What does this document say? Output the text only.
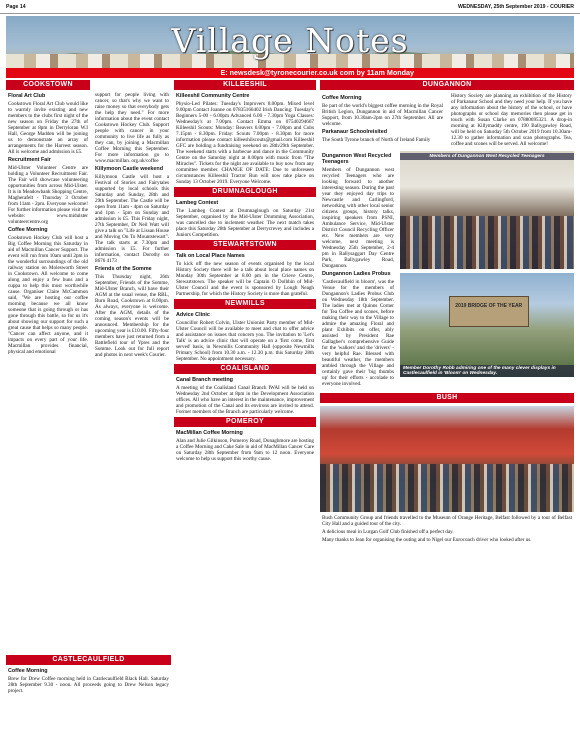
Page 14	WEDNESDAY, 25th September 2019 - COURIER
Village Notes
E: newsdesk@tyronecourier.co.uk com by 11am Monday
COOKSTOWN
Floral Art Club
Cookstown Floral Art Club would like to warmly invite existing and new members to the clubs first night of the new season on Friday the 27th of September at 8pm in Derryloran W.I Hall, George Madden will be joining us to demonstrate an array of arrangements for the Harvest season. All is welcome and admission is £5.
Recruitment Fair
Mid-Ulster Volunteer Centre are holding a Volunteer Recruitment Fair. The Fair will showcase volunteering opportunities from across Mid-Ulster. It is in Meadowbank Shopping Centre, Magherafelt - Thursday 3 October from 11am - 2pm. Everyone welcome! For further information please visit the website: www.midulster volunteercentre.org
Coffee Morning
Cookstown Hockey Club will host a Big Coffee Morning this Saturday in aid of Macmillan Cancer Support. The event will run from 10am until 2pm in the wonderful surroundings of the old railway station on Molesworth Street in Cookstown. All welcome to come along and enjoy a few buns and a cuppa to help this most worthwhile cause. Organiser Claire McCammon said, "We are hosting our coffee morning because we all know someone that is going through or has gone through this battle, so for us it's about showing our support for such a great cause that helps so many people. "Cancer can affect anyone, and it impacts on every part of your life. Macmillan provides financial, physical and emotional
support for people living with cancer, so that's why we want to raise money so that everybody gets the help they need." For more information about the event contact Cookstown Hockey Club. Support people with cancer in your community to live life as fully as they can, by joining a Macmillan Coffee Morning this September. For more information go to www.macmillan. org.uk/coffee
Killymoon Castle weekend
Killymoon Castle will host a Festival of Stories and Fairytales supported by local schools this Saturday and Sunday, 28th and 29th September. The Castle will be open from 11am - 4pm on Saturday and 1pm - 5pm on Sunday and admission is £5. This Friday night, 27th September, Dr Neil Watt will give a talk on "Life at Lissan House and Moving On To Mountstewart". The talk starts at 7.30pm and admission is £5. For further information, contact Dorothy on 8676 4173
Friends of the Somme
This Thursday night, 26th September, Friends of the Somme, Mid-Ulster Branch, will have their AGM at the usual venue, the RBL, Burn Road, Cookstown at 8.00pm. As always, everyone is welcome. After the AGM, details of the coming season's events will be announced. Membership for the upcoming year is £10.00. Fifty-four members have just returned from a Battlefield tour of Ypres and the Somme. Look out for full report and photos in next week's Courier.
CASTLECAULFIELD
Coffee Morning
Brew for Drew Coffee morning held in Castlecaulfield Black Hall. Saturday 28th September 9.30 - noon. All proceeds going to Drew Nelson legacy project.
KILLEESHIL
Killeeshil Community Centre
Physio-Led Pilates: Tuesday's Improvers 8.00pm. Mixed level 9.00pm Contact Joanne on 07835166402 Irish Dancing: Tuesday's Beginners 5-00 - 6.00pm Advanced 6.00 - 7.30pm Yoga Classes: Wednesday's at 7.00pm. Contact Emma on 07540294667 Killeeshil Scouts: Monday: Beavers 6.00pm - 7.00pm and Cubs 7.15pm - 8.30pm. Friday: Scouts 7.00pm - 8.30pm for more information please contact killeeshilscouts@gmail.com Killeeshil GFC are holding a fundraising weekend on 28th/29th September. The weekend starts with a barbecue and dance in the Community Centre on the Saturday night at 8.00pm with music from "The Miracles". Tickets for the night are available to buy now from any committee member. CHANGE OF DATE: Due to unforeseen circumstances Killeeshil Tractor Run will now take place on Sunday 13 October 2019. Everyone Welcome.
DRUMNAGLOUGH
Lambeg Contest
The Lambeg Contest at Drumnaglough on Saturday 21st September, organised by the Mid-Ulster Drumming Association, was cancelled due to inclement weather. The next match takes place this Saturday 28th September at Derrycrevey and includes a Juniors Competition.
STEWARTSTOWN
Talk on Local Place Names
To kick off the new season of events organised by the local History Society there will be a talk about local place names on Monday 30th September at 8.00 pm in the Crieve Centre, Stewartstown. The speaker will be Captain O Dolbhin of Mid-Ulster Council and the event is sponsored by Lough Neagh Partnership, for which the History Society is more than grateful.
NEWMILLS
Advice Clinic
Councillor Robert Colvin, Ulster Unionist Party member of Mid-Ulster Council will be available to meet and chat to offer advice and assistance on issues that concern you. The invitation to 'Let's Talk' is an advice clinic that will operate on a 'first come, first served' basis, in Newmills Community Hall (opposite Newmills Primary School) from 10.30 a.m. - 12.30 p.m. this Saturday 28th September. No appointment necessary.
COALISLAND
Canal Branch meeting
A meeting of the Coalisland Canal Branch IWAI will be held on Wednesday 2nd October at 8pm in the Development Association offices. All who have an interest in the maintenance, improvement and promotion of the Canal and its environs are invited to attend. Former members of the Branch are particularly welcome.
POMEROY
MacMillan Coffee Morning
Alan and Julie Gilkinson, Pomeroy Road, Donaghmore are hosting a Coffee Morning and Cake Sale in aid of MacMillan Cancer Care on Saturday 28th September from 9am to 12 noon. Everyone welcome to help us support this worthy cause.
DUNGANNON
Coffee Morning
Be part of the world's biggest coffee morning in the Royal British Legion, Dungannon in aid of Macmillan Cancer Support, from 10.30am-2pm on 27th September. All are welcome.
Parkanaur Schoolreisited
The South Tyrone branch of North of Ireland Family
History Society are planning an exhibition of the History of Parkanaur School and they need your help. If you have any information about the history of the school, or have photographs or school day memories then please get in touch with Susan Clarke on 07880695321. A drop-in morning at Killymaddy centre, 190 Ballygawley Road, will be held on Saturday 5th October 2019 from 10.30am-12.30 to gather information and scan photographs. Tea, coffee and scones will be served. All welcome!
Dungannon West Recycled Teenagers
Members of Dungannon west recycled Teenagers who are looking forward to another interesting season. During the past year they enjoyed day trips to Newcastle and Carlingford, networking with other local senior citizens groups, history talks, inspiring speakers from PSNI, Ambulance Service, Mid-Ulster District Council Recycling Officer etc. New members are very welcome, next meeting is Wednesday 25th September, 2-4 pm in Ballysaggart Day Centre Park, Ballygawley Road, Dungannon.
Dungannon Ladies Probus
'Castlecaulfield in bloom', was the Venue for the members of Dungannon's Ladies Probus Club on Wednesday 18th September. The ladies met at Quinns Corner for Tea Coffee and scones, before making their way to the Village to admire the amazing Floral and plant Exhibits on offer, ably assisted by President Rae Gallagher's comprehensive Guide for the 'walkers' and the 'drivers' - very helpful Rae. Blessed with beautiful weather, the members ambled through the Village and certainly gave their 'big thumbs up' for their efforts - accolade to everyone involved.
Members of Dungannon West Recycled Teenagers
2019 BRIDGE OF THE YEAR
Member Dorothy Robb admiring one of the many clever displays in Castlecaulfield in 'Bloom' on Wednesday.
BUSH
Bush Community Group and friends travelled to the Museum of Orange Heritage, Belfast followed by a tour of Belfast City Hall and a guided tour of the city.
A delicious meal in Lurgan Golf Club finished off a perfect day.
Many thanks to Jean for organising the outing and to Nigel our Eurocoach driver who looked after us.
